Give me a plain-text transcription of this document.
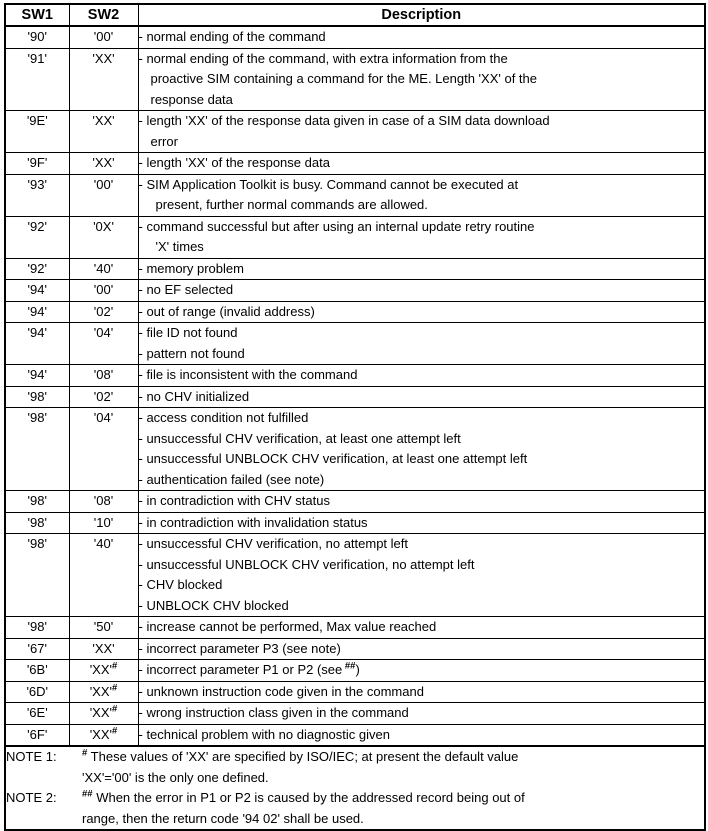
SW1	SW2	Description
'90'	'00'	- normal ending of the command

'91'	'XX'	- normal ending of the command, with extra information from the
proactive SIM containing a command for the ME. Length 'XX' of the
response data

'9E'	'XX'	- length 'XX' of the response data given in case of a SIM data download
error

'9F'	'XX'	- length 'XX' of the response data

'93'	'00'	- SIM Application Toolkit is busy. Command cannot be executed at
present, further normal commands are allowed.

'92'	'0X'	- command successful but after using an internal update retry routine
'X' times

'92'	'40'	- memory problem

'94'	'00'	- no EF selected

'94'	'02'	- out of range (invalid address)

'94'	'04'	- file ID not found
- pattern not found

'94'	'08'	- file is inconsistent with the command

'98'	'02'	- no CHV initialized

'98'	'04'	- access condition not fulfilled
- unsuccessful CHV verification, at least one attempt left
- unsuccessful UNBLOCK CHV verification, at least one attempt left
- authentication failed (see note)

'98'	'08'	- in contradiction with CHV status

'98'	'10'	- in contradiction with invalidation status

'98'	'40'	- unsuccessful CHV verification, no attempt left
- unsuccessful UNBLOCK CHV verification, no attempt left
- CHV blocked
- UNBLOCK CHV blocked

'98'	'50'	- increase cannot be performed, Max value reached

'67'	'XX'	- incorrect parameter P3 (see note)

'6B'	'XX'#	- incorrect parameter P1 or P2 (see ##)

'6D'	'XX'#	- unknown instruction code given in the command

'6E'	'XX'#	- wrong instruction class given in the command

'6F'	'XX'#	- technical problem with no diagnostic given

NOTE 1: # These values of 'XX' are specified by ISO/IEC; at present the default value
'XX'='00' is the only one defined.
NOTE 2: ## When the error in P1 or P2 is caused by the addressed record being out of
range, then the return code '94 02' shall be used.		
